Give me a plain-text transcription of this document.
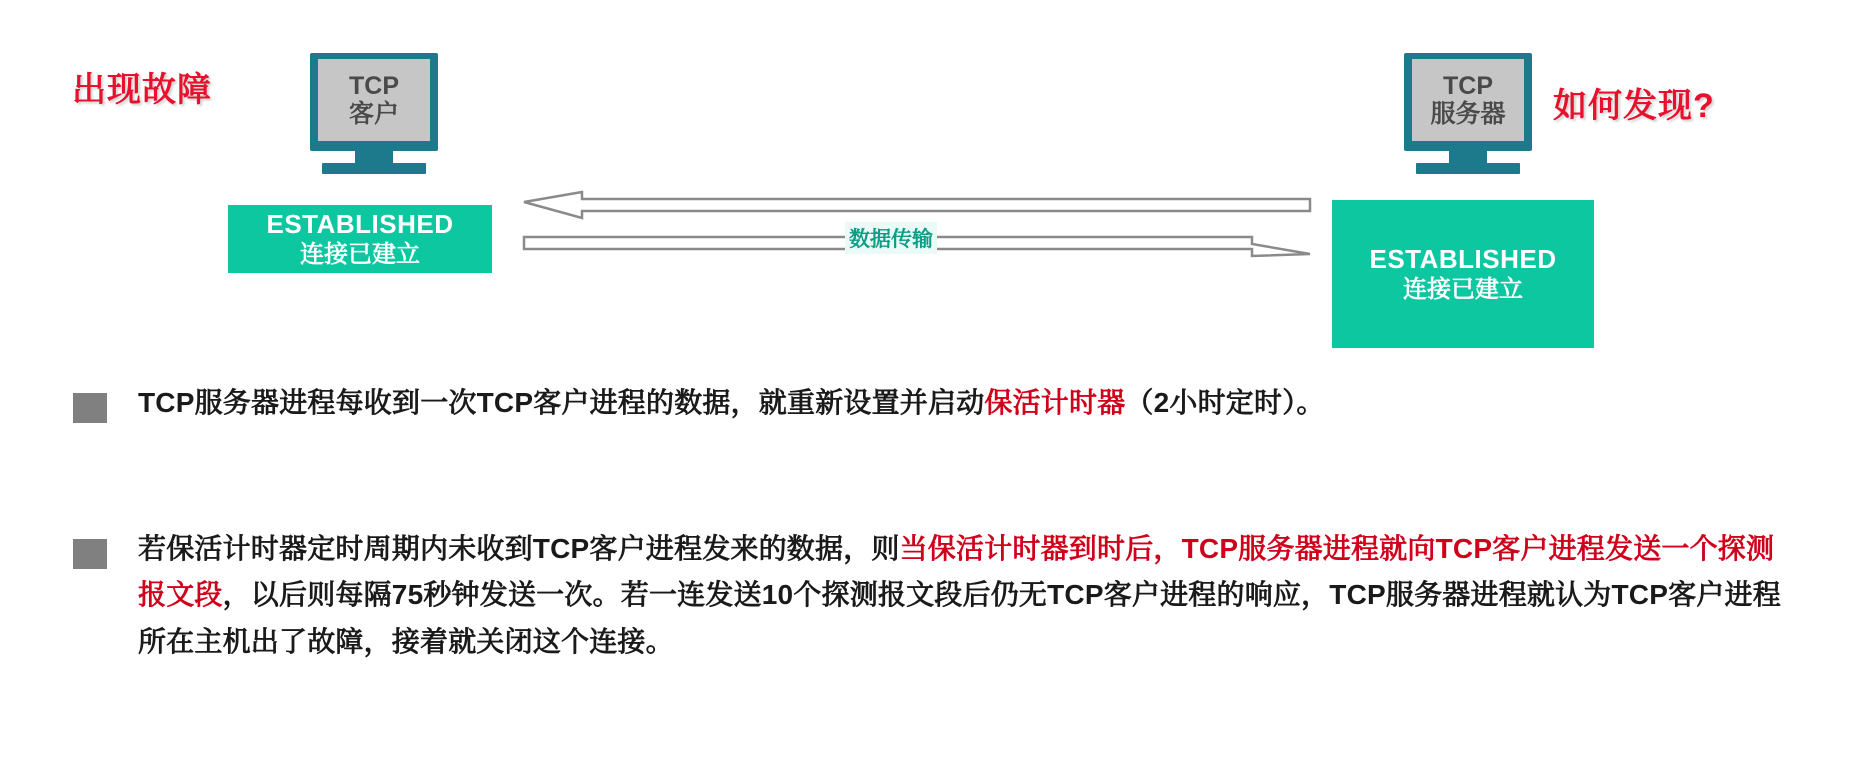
出现故障	如何发现?
TCP
客户
TCP
服务器
ESTABLISHED
连接已建立	ESTABLISHED
连接已建立
数据传输
TCP服务器进程每收到一次TCP客户进程的数据，就重新设置并启动保活计时器（2小时定时）。
若保活计时器定时周期内未收到TCP客户进程发来的数据，则当保活计时器到时后，TCP服务器进程就向TCP客户进程发送一个探测报文段，以后则每隔75秒钟发送一次。若一连发送10个探测报文段后仍无TCP客户进程的响应，TCP服务器进程就认为TCP客户进程所在主机出了故障，接着就关闭这个连接。
